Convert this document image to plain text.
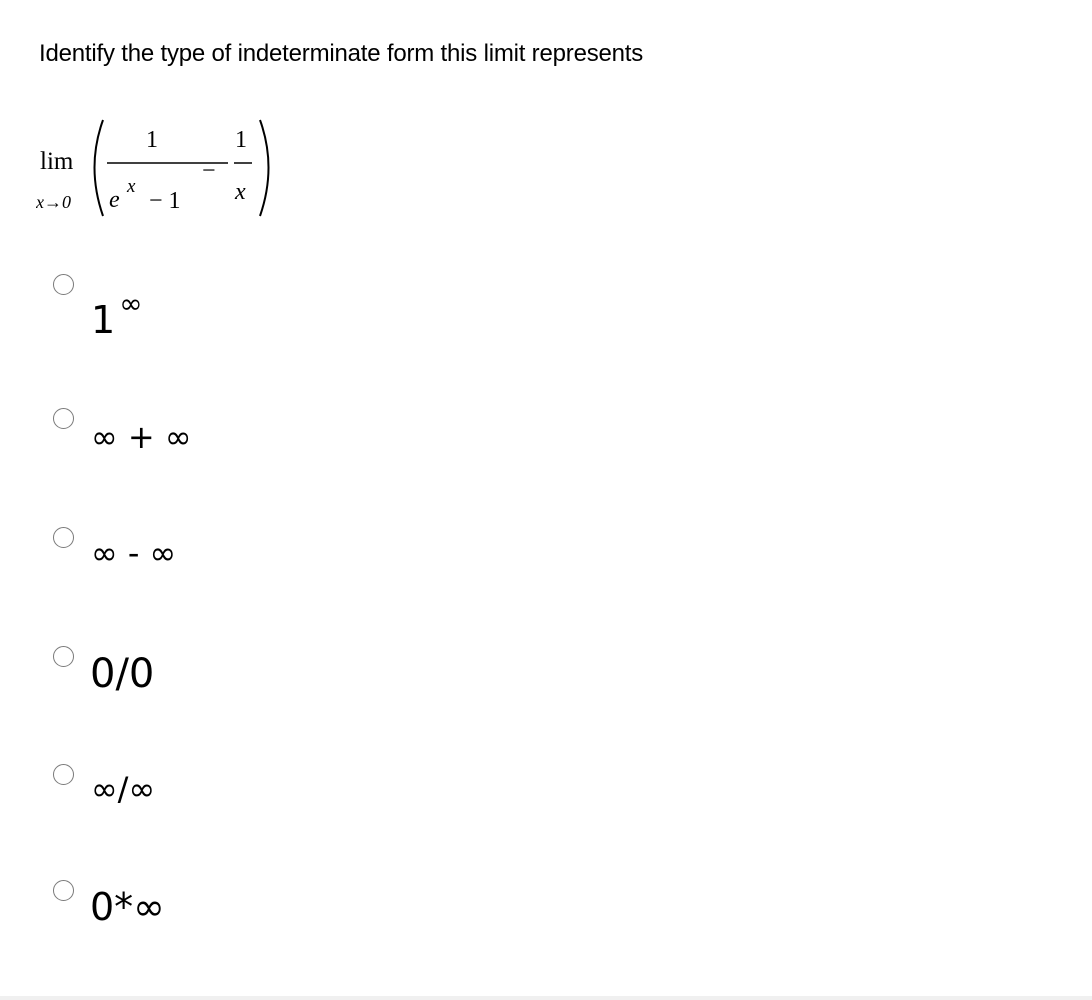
Identify the type of indeterminate form this limit represents
lim
x→0
1
e
x
− 1
−
1
x
1 ∞
∞ + ∞
∞ - ∞
0/0
∞/∞
0*∞
